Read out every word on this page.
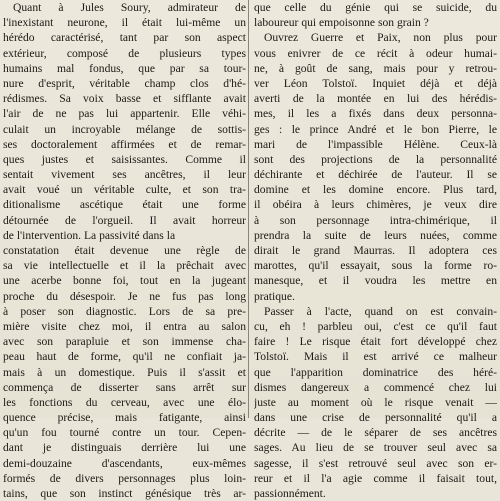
Quant à Jules Soury, admirateur de
l'inexistant neurone, il était lui-même un
hérédo caractérisé, tant par son aspect
extérieur, composé de plusieurs types
humains mal fondus, que par sa tour-
nure d'esprit, véritable champ clos d'hé-
rédismes. Sa voix basse et sifflante avait
l'air de ne pas lui appartenir. Elle véhi-
culait un incroyable mélange de sottis-
ses doctoralement affirmées et de remar-
ques justes et saisissantes. Comme il
sentait vivement ses ancêtres, il leur
avait voué un véritable culte, et son tra-
ditionalisme ascétique était une forme
détournée de l'orgueil. Il avait horreur
de l'intervention. La passivité dans la
constatation était devenue une règle de
sa vie intellectuelle et il la prêchait avec
une acerbe bonne foi, tout en la jugeant
proche du désespoir. Je ne fus pas long
à poser son diagnostic. Lors de sa pre-
mière visite chez moi, il entra au salon
avec son parapluie et son immense cha-
peau haut de forme, qu'il ne confiait ja-
mais à un domestique. Puis il s'assit et
commença de disserter sans arrêt sur
les fonctions du cerveau, avec une élo-
quence précise, mais fatigante, ainsi
qu'un fou tourné contre un tour. Cepen-
dant je distinguais derrière lui une
demi-douzaine d'ascendants, eux-mêmes
formés de divers personnages plus loin-
tains, que son instinct génésique très ar-
que celle du génie qui se suicide, du
laboureur qui empoisonne son grain ?
Ouvrez Guerre et Paix, non plus pour
vous enivrer de ce récit à odeur humai-
ne, à goût de sang, mais pour y retrou-
ver Léon Tolstoï. Inquiet déjà et déjà
averti de la montée en lui des hérédis-
mes, il les a fixés dans deux personna-
ges : le prince André et le bon Pierre, le
mari de l'impassible Hélène. Ceux-là
sont des projections de la personnalité
déchirante et déchirée de l'auteur. Il se
domine et les domine encore. Plus tard,
il obéira à leurs chimères, je veux dire
à son personnage intra-chimérique, il
prendra la suite de leurs nuées, comme
dirait le grand Maurras. Il adoptera ces
marottes, qu'il essayait, sous la forme ro-
manesque, et il voudra les mettre en
pratique.
Passer à l'acte, quand on est convain-
cu, eh ! parbleu oui, c'est ce qu'il faut
faire ! Le risque était fort développé chez
Tolstoï. Mais il est arrivé ce malheur
que l'apparition dominatrice des héré-
dismes dangereux a commencé chez lui
juste au moment où le risque venait —
dans une crise de personnalité qu'il a
décrite — de le séparer de ses ancêtres
sages. Au lieu de se trouver seul avec sa
sagesse, il s'est retrouvé seul avec son er-
reur et il l'a agie comme il faisait tout,
passionnément.
